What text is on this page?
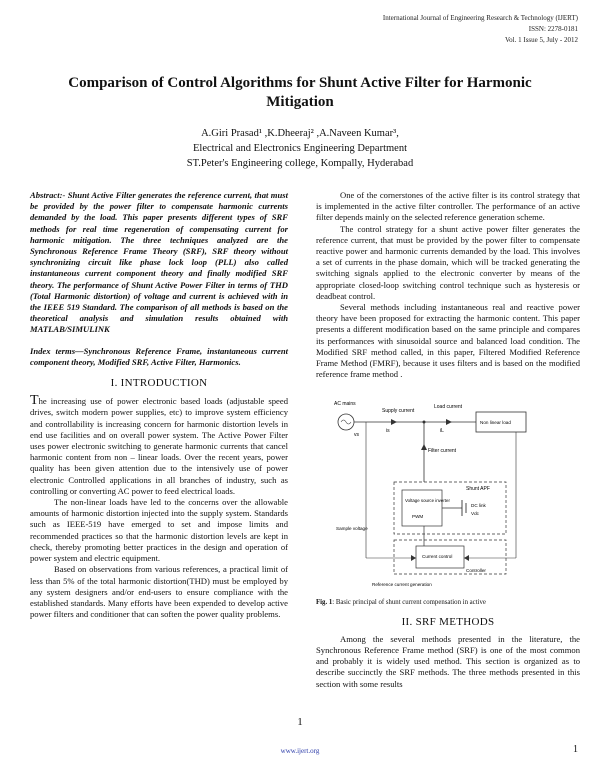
International Journal of Engineering Research & Technology (IJERT)
ISSN: 2278-0181
Vol. 1 Issue 5, July - 2012
Comparison of Control Algorithms for Shunt Active Filter for Harmonic Mitigation
A.Giri Prasad¹ ,K.Dheeraj² ,A.Naveen Kumar³,
Electrical and Electronics Engineering Department
ST.Peter's Engineering college, Kompally, Hyderabad

Abstract:- Shunt Active Filter generates the reference current, that must be provided by the power filter to compensate harmonic currents demanded by the load. This paper presents different types of SRF methods for real time regeneration of compensating current for harmonic mitigation. The three techniques analyzed are the Synchronous Reference Frame Theory (SRF), SRF theory without synchronizing circuit like phase lock loop (PLL) also called instantaneous current component theory and finally modified SRF theory. The performance of Shunt Active Power Filter in terms of THD (Total Harmonic distortion) of voltage and current is achieved with in the IEEE 519 Standard. The comparison of all methods is based on the theoretical analysis and simulation results obtained with MATLAB/SIMULINK

Index terms—Synchronous Reference Frame, instantaneous current component theory, Modified SRF, Active Filter, Harmonics.

I. INTRODUCTION

The increasing use of power electronic based loads (adjustable speed drives, switch modern power supplies, etc) to improve system efficiency and controllability is increasing concern for harmonic distortion levels in end use facilities and on overall power system. The Active Power Filter uses power electronic switching to generate harmonic currents that cancel harmonic content from non – linear loads. Over the recent years, power quality has been given attention due to the intensively use of power electronic Controlled applications in all branches of industry, such as controlling or converting AC power to feed electrical loads.

The non-linear loads have led to the concerns over the allowable amounts of harmonic distortion injected into the supply system. Standards such as IEEE-519 have emerged to set and impose limits and recommended practices so that the harmonic distortion levels are kept in check, thereby promoting better practices in the design and operation of power system and electric equipment.

Based on observations from various references, a practical limit of less than 5% of the total harmonic distortion(THD) must be employed by any system designers and/or end-users to ensure compliance with the established standards. Many efforts have been expended to develop active power filters and conditioner that can soften the power quality problems.

One of the cornerstones of the active filter is its control strategy that is implemented in the active filter controller. The performance of an active filter depends mainly on the selected reference generation scheme.

The control strategy for a shunt active power filter generates the reference current, that must be provided by the power filter to compensate reactive power and harmonic currents demanded by the load. This involves a set of currents in the phase domain, which will be tracked generating the switching signals applied to the electronic converter by means of the appropriate closed-loop switching control technique such as hysteresis or deadbeat control.

Several methods including instantaneous real and reactive power theory have been proposed for extracting the harmonic content. This paper presents a different modification based on the same principle and compares its performances with sinusoidal source and balanced load condition. The Modified SRF method called, in this paper, Filtered Modified Reference Frame Method (FMRF), because it uses filters and is based on the modified reference frame method .

AC mains
vs
Supply current
is
Load current
iL
Non linear load
Filter current
Shunt APF
Voltage source inverter
PWM
DC link
Vdc
Current control
Controller
Sample voltage
Reference current generation
Fig. 1: Basic principal of shunt current compensation in active
II. SRF METHODS

Among the several methods presented in the literature, the Synchronous Reference Frame method (SRF) is one of the most common and probably it is widely used method. This section is organized as to describe succinctly the SRF methods. The three methods presented in this section with some results

1
www.ijert.org	1
